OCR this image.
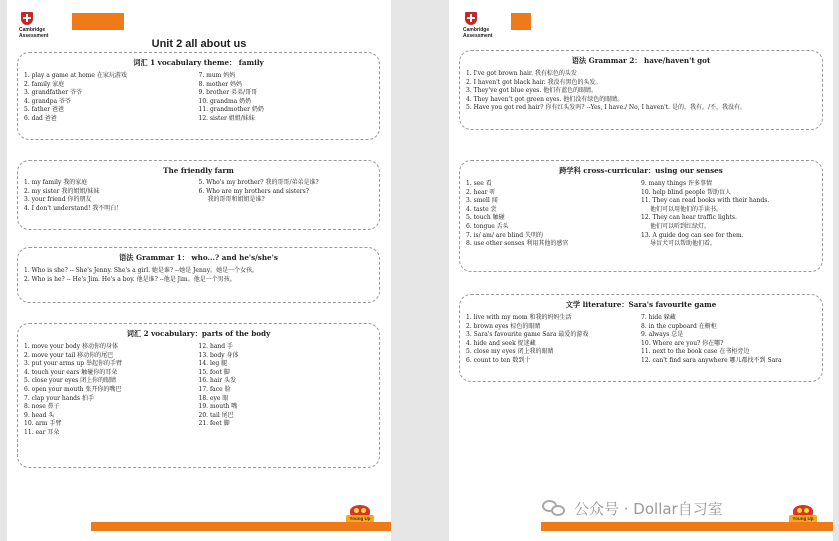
Cambridge
Assessment
Unit 2 all about us
词汇 1 vocabulary theme： family
1. play a game at home 在家玩游戏
2. family 家庭
3. grandfather 爷爷
4. grandpa 爷爷
5. father 爸爸
6. dad 爸爸
7. mum 妈妈
8. mother 妈妈
9. brother 弟弟/哥哥
10. grandma 奶奶
11. grandmother 奶奶
12. sister 姐姐/妹妹
The friendly farm
1. my family 我的家庭
2. my sister 我的姐姐/妹妹
3. your friend 你的朋友
4. I don't understand! 我不明白！
5. Who's my brother? 我的哥哥/弟弟是谁?
6. Who are my brothers and sisters?
我的哥哥和姐姐是谁?
语法 Grammar 1： who...? and he's/she's
1. Who is she? -- She's Jenny. She's a girl. 她是谁? --她是 Jenny。她是一个女孩。
2. Who is he? -- He's Jim. He's a boy. 他是谁? --他是 Jim。他是一个男孩。
词汇 2 vocabulary：parts of the body
1. move your body 移动你的身体
2. move your tail 移动你的尾巴
3. put your arms up 举起你的手臂
4. touch your ears 触碰你的耳朵
5. close your eyes 闭上你的眼睛
6. open your mouth 张开你的嘴巴
7. clap your hands 拍手
8. nose 鼻子
9. head 头
10. arm 手臂
11. ear 耳朵
12. hand 手
13. body 身体
14. leg 腿
15. foot 脚
16. hair 头发
17. face 脸
18. eye 眼
19. mouth 嘴
20. tail 尾巴
21. feet 脚
Young Up
Cambridge
Assessment
语法 Grammar 2： have/haven't got
1. I've got brown hair. 我有棕色的头发
2. I haven't got black hair. 我没有黑色的头发。
3. They've got blue eyes. 他们有蓝色的眼睛。
4. They haven't got green eyes. 他们没有绿色的眼睛。
5. Have you got red hair? 你有红头发吗? --Yes, I have./ No, I haven't. 是的，我有。/不，我没有。
跨学科 cross-curricular：using our senses
1. see 看
2. hear 听
3. smell 闻
4. taste 尝
5. touch 触碰
6. tongue 舌头
7. is/ am/ are blind 失明的
8. use other senses 利用其他的感官
9. many things 许多事情
10. help blind people 帮助盲人
11. They can read books with their hands.
他们可以用他们的手读书。
12. They can hear traffic lights.
他们可以听到红绿灯。
13. A guide dog can see for them.
导盲犬可以帮助他们看。
文学 literature：Sara's favourite game
1. live with my mom 和我的妈妈生活
2. brown eyes 棕色的眼睛
3. Sara's favourite game Sara 最爱的游戏
4. hide and seek 捉迷藏
5. close my eyes 闭上我的眼睛
6. count to ten 数到十
7. hide 躲藏
8. in the cupboard 在橱柜
9. always 总是
10. Where are you? 你在哪?
11. next to the book case 在书柜旁边
12. can't find sara anywhere 哪儿都找不到 Sara
Young Up
公众号 · Dollar自习室
